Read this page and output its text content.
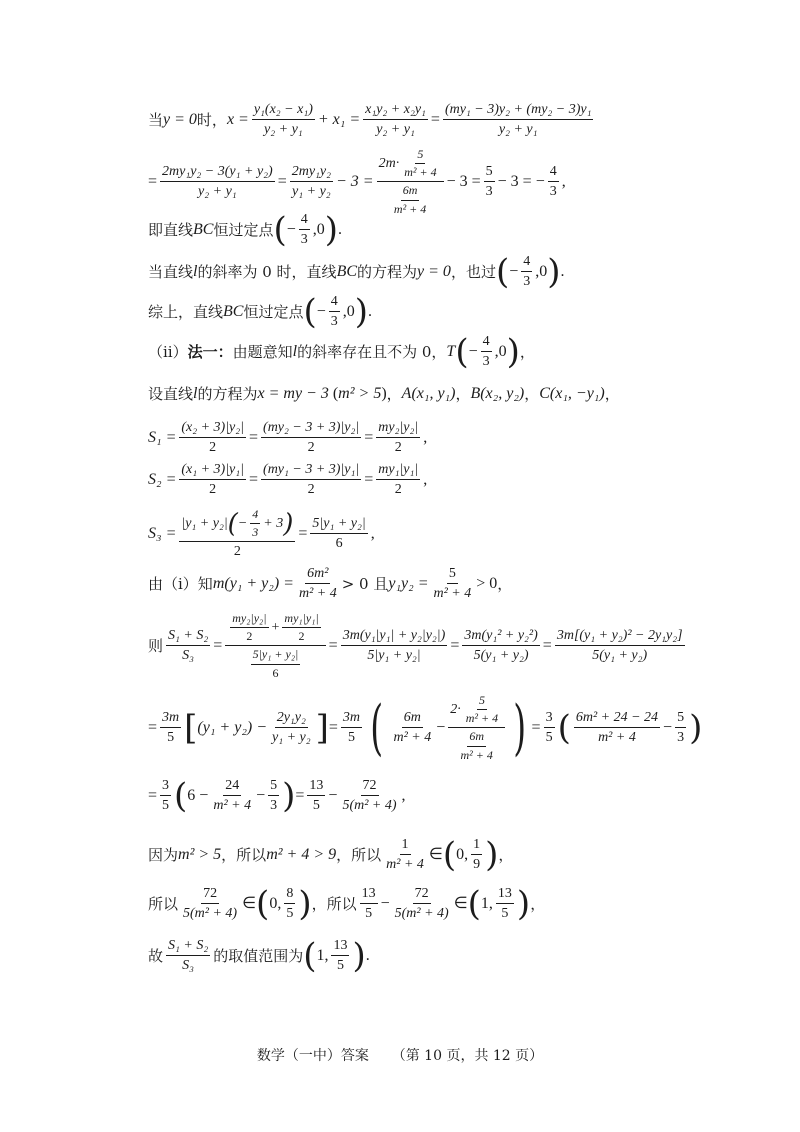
当 y = 0 时， $x = \frac{\text{y₁(x₂ − x₁)}}{\text{y₂ + y₁}} + x_1 = \frac{\text{x₁y₂ + x₂y₁}}{\text{y₂ + y₁}} = \frac{\text{(my₁ − 3)y₂ + (my₂ − 3)y₁}}{\text{y₂ + y₁}}$
= $\frac{\text{2my₁y₂ − 3(y₁ + y₂)}}{\text{y₂ + y₁}} = \frac{\text{2my₁y₂}}{\text{y₁ + y₂}} - 3 = \frac{2m\cdot \frac{5}{\text{m² + 4}}}{\frac{6m}{\text{m² + 4}}} - 3 = \frac{5}{3} - 3$ = − $\frac{4}{3}$ ,
即直线 BC 恒过定点 ( − $\frac{4}{3} ,0$ ) .
当直线 l 的斜率为 0 时，直线 BC 的方程为 y = 0 ，也过 ( − $\frac{4}{3} ,0$ ) .
综上，直线 BC 恒过定点 ( − $\frac{4}{3} ,0$ ) .
（ⅱ） 法一： 由题意知 l 的斜率存在且不为 0， T ( − $\frac{4}{3} ,0$ ) ，
设直线 l 的方程为 x = my − 3 ( m² > 5 ) ， A(x₁, y₁) ， B(x₂, y₂) ， C(x₁, −y₁) ，
$S_1 = \frac{\text{(x₂ + 3)|y₂|}}{2} = \frac{\text{(my₂ − 3 + 3)|y₂|}}{2} = \frac{\text{my₂|y₂|}}{2}$ ,
$S_2 = \frac{\text{(x₁ + 3)|y₁|}}{2} = \frac{\text{(my₁ − 3 + 3)|y₁|}}{2} = \frac{\text{my₁|y₁|}}{2}$ ,
S₃ =
|y₁ + y₂| ( − $\frac{4}{3} + 3$ )
2
= $\frac{\text{5|y₁ + y₂|}}{6}$ ,
由（ⅰ）知 $m(y_1 + y_2) = \frac{\text{6m²}}{\text{m² + 4}} > 0$ 且 $y_1y_2 = \frac{5}{\text{m² + 4}} > 0$ ，
则 $\frac{\text{S₁ + S₂}}{\text{S₃}}$ =
$\frac{\text{my₂|y₂|}}{2} + \frac{\text{my₁|y₁|}}{2}$
$\frac{\text{5|y₁ + y₂|}}{6}$
= $\frac{\text{3m(y₁|y₁| + y₂|y₂|)}}{\text{5|y₁ + y₂|}} = \frac{\text{3m(y₁² + y₂²)}}{\text{5(y₁ + y₂)}} = \frac{\text{3m[(y₁ + y₂)² − 2y₁y₂]}}{\text{5(y₁ + y₂)}}$
= $\frac{3m}{5}$ [ $(y_1 + y_2) - \frac{\text{2y₁y₂}}{\text{y₁ + y₂}}$ ] = $\frac{3m}{5}$ ( $\frac{6m}{\text{m² + 4}} - \frac{2\cdot \frac{5}{\text{m² + 4}}}{\frac{6m}{\text{m² + 4}}}$ ) = $\frac{3}{5}$ ( $\frac{\text{6m² + 24 − 24}}{\text{m² + 4}} - \frac{5}{3}$ )
= $\frac{3}{5}$ ( $6 - \frac{24}{\text{m² + 4}} - \frac{5}{3}$ ) = $\frac{13}{5} - \frac{72}{\text{5(m² + 4)}}$ ,
因为 m² > 5 ，所以 m² + 4 > 9 ，所以 $\frac{1}{\text{m² + 4}}$ ∈ ( 0, $\frac{1}{9}$ ) ，
所以 $\frac{72}{\text{5(m² + 4)}}$ ∈ ( 0, $\frac{8}{5}$ ) ，所以 $\frac{13}{5} - \frac{72}{\text{5(m² + 4)}}$ ∈ ( 1, $\frac{13}{5}$ ) ，
故 $\frac{\text{S₁ + S₂}}{\text{S₃}}$ 的取值范围为 ( 1, $\frac{13}{5}$ ) .
数学（一中）答案 （第 10 页，共 12 页）
